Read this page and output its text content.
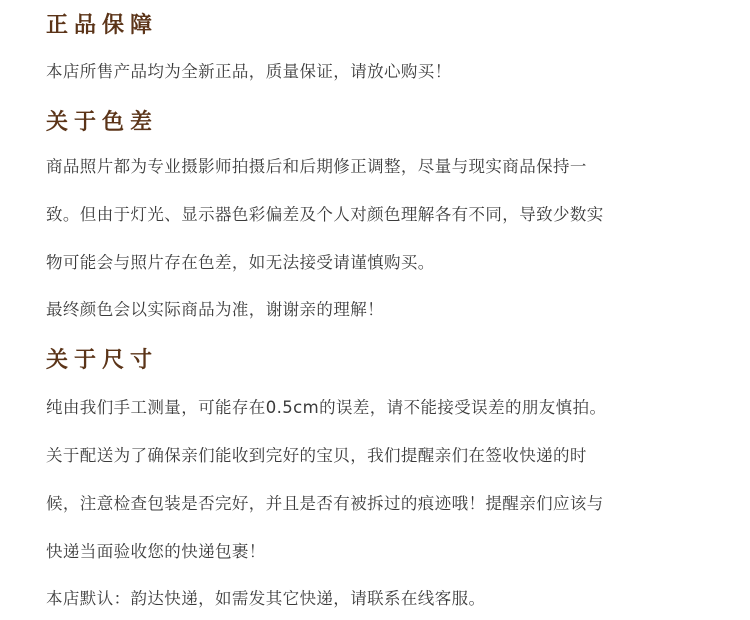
正品保障
本店所售产品均为全新正品，质量保证，请放心购买！
关于色差
商品照片都为专业摄影师拍摄后和后期修正调整，尽量与现实商品保持一
致。但由于灯光、显示器色彩偏差及个人对颜色理解各有不同，导致少数实
物可能会与照片存在色差，如无法接受请谨慎购买。
最终颜色会以实际商品为准，谢谢亲的理解！
关于尺寸
纯由我们手工测量，可能存在0.5cm的误差，请不能接受误差的朋友慎拍。
关于配送为了确保亲们能收到完好的宝贝，我们提醒亲们在签收快递的时
候，注意检查包装是否完好，并且是否有被拆过的痕迹哦！提醒亲们应该与
快递当面验收您的快递包裹！
本店默认：韵达快递，如需发其它快递，请联系在线客服。
